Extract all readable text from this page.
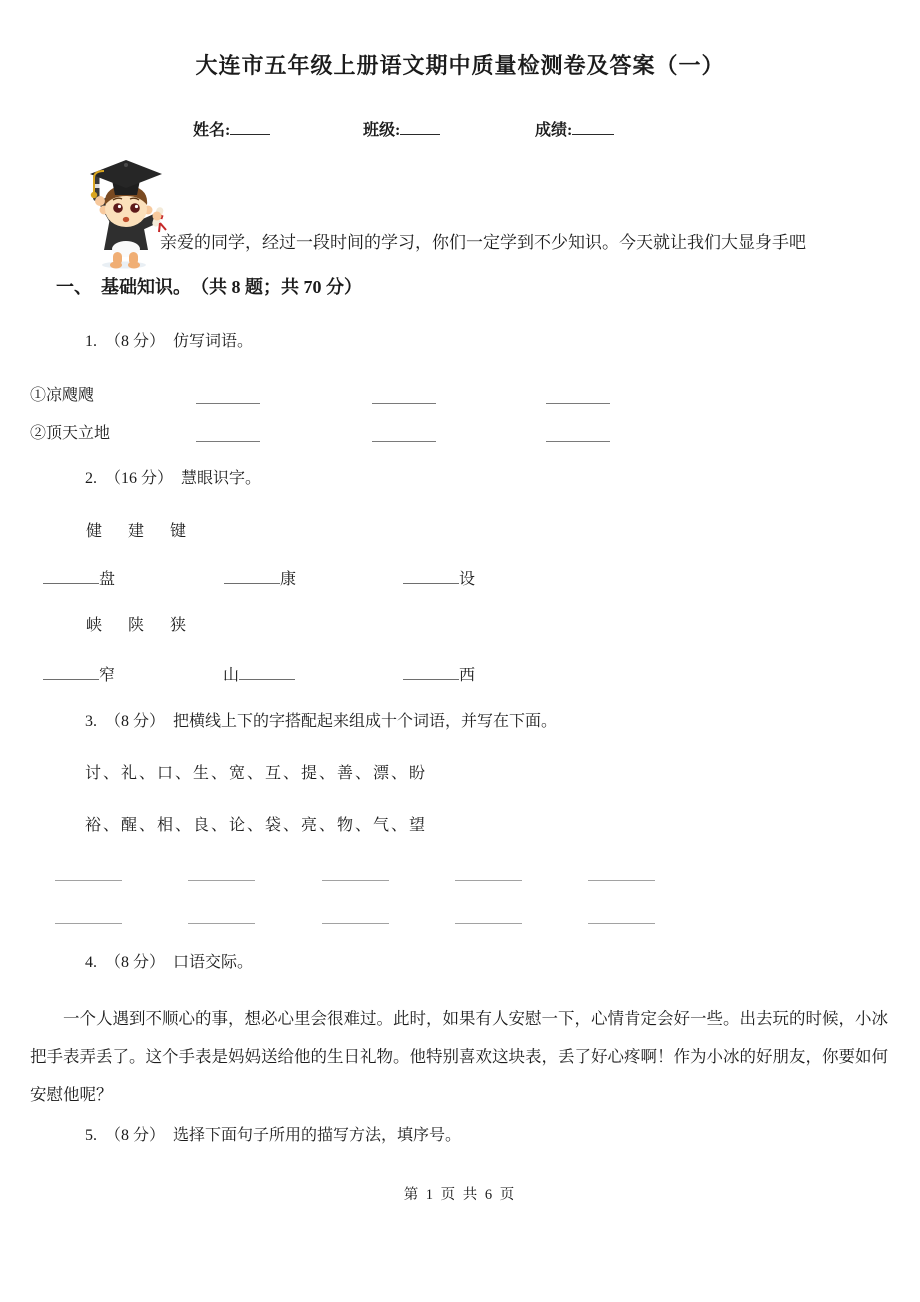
大连市五年级上册语文期中质量检测卷及答案（一）
姓名:	班级:	成绩:
亲爱的同学，经过一段时间的学习，你们一定学到不少知识。今天就让我们大显身手吧
一、　基础知识。　（共 8 题；共 70 分）
1.　（8 分）　仿写词语。
①凉飕飕
②顶天立地
2.　（16 分）　慧眼识字。
健　建　键
盘	康	设
峡　陕　狭
窄	山	西
3.　（8 分）　把横线上下的字搭配起来组成十个词语，并写在下面。
讨、礼、口、生、宽、互、提、善、漂、盼
裕、醒、相、良、论、袋、亮、物、气、望
4.　（8 分）　口语交际。
一个人遇到不顺心的事，想必心里会很难过。此时，如果有人安慰一下，心情肯定会好一些。出去玩的时候，小冰把手表弄丢了。这个手表是妈妈送给他的生日礼物。他特别喜欢这块表，丢了好心疼啊！作为小冰的好朋友，你要如何安慰他呢？
5.　（8 分）　选择下面句子所用的描写方法，填序号。
第 1 页 共 6 页
